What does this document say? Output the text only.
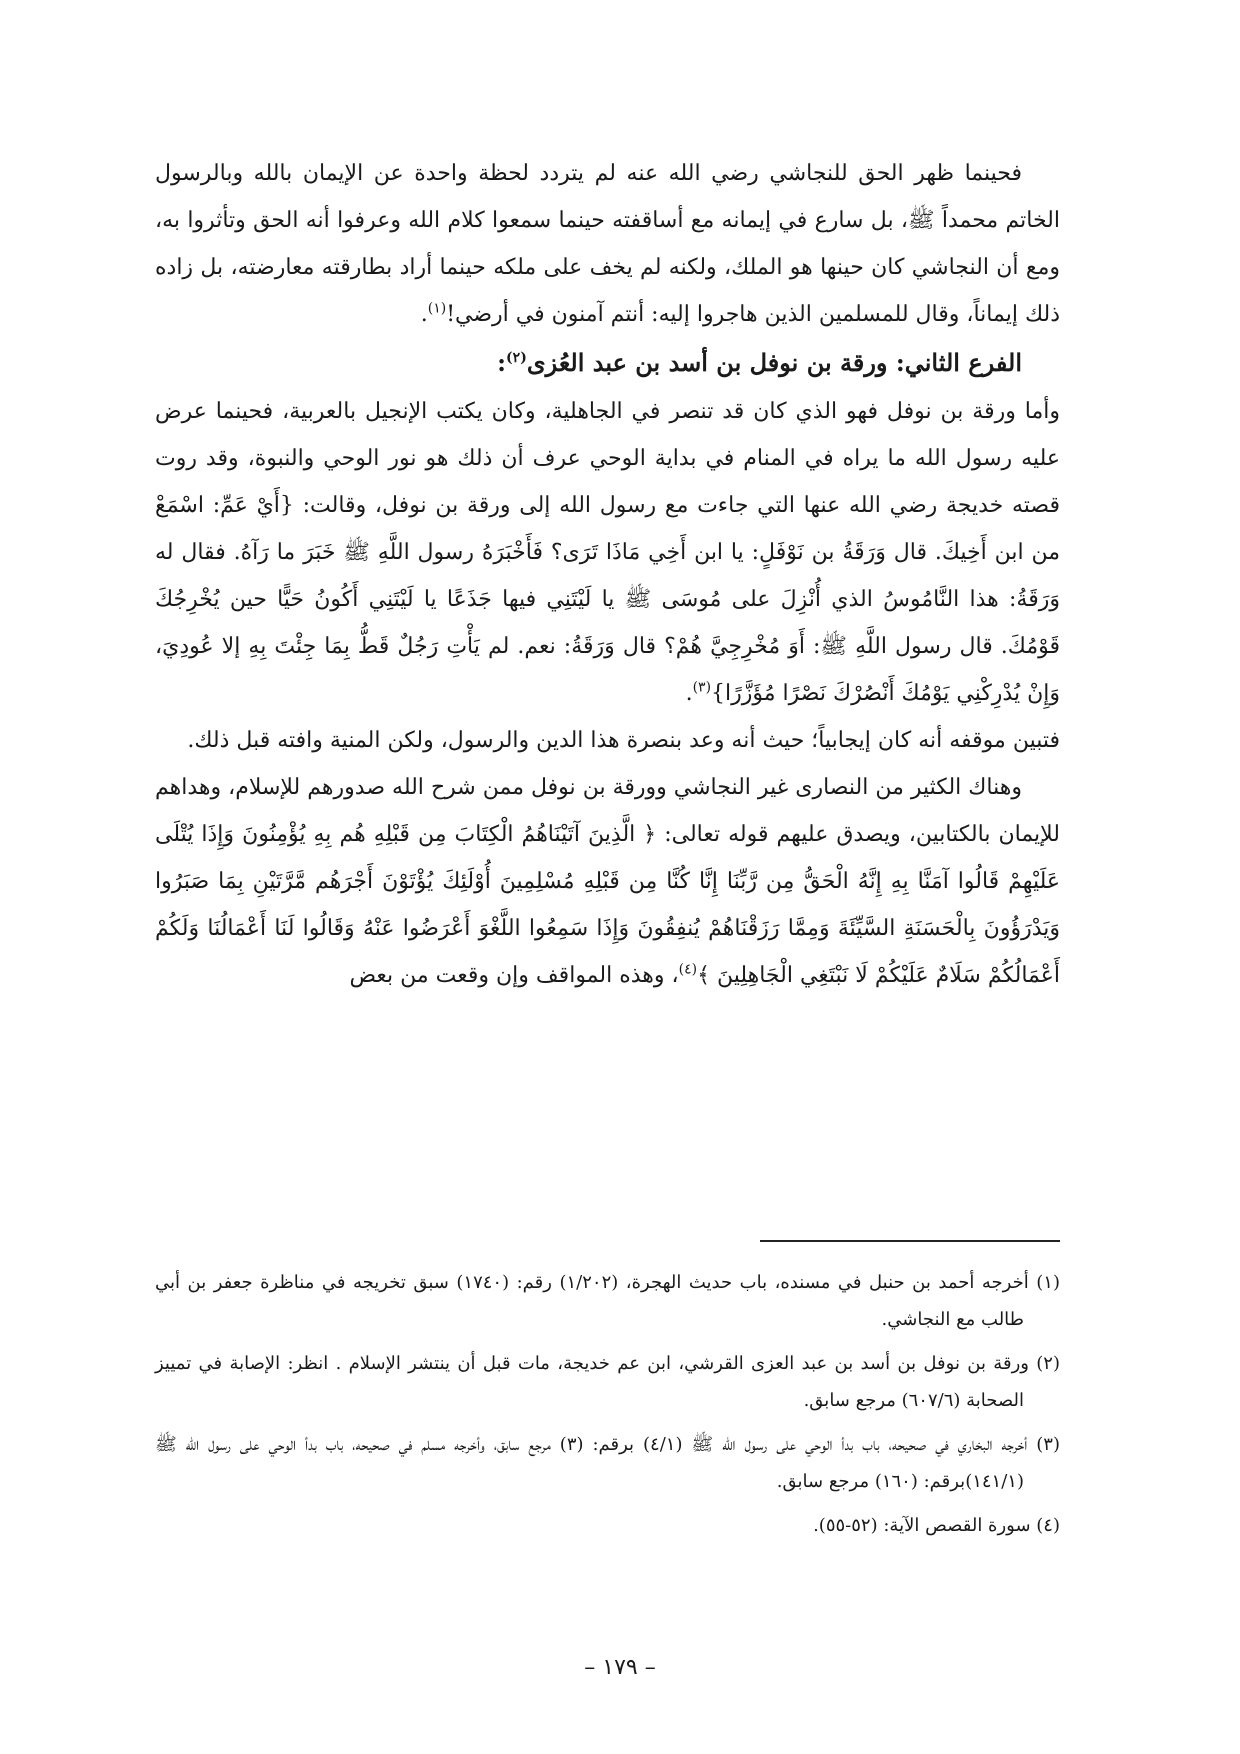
فحينما ظهر الحق للنجاشي رضي الله عنه لم يتردد لحظة واحدة عن الإيمان بالله وبالرسول الخاتم محمداً ﷺ، بل سارع في إيمانه مع أساقفته حينما سمعوا كلام الله وعرفوا أنه الحق وتأثروا به، ومع أن النجاشي كان حينها هو الملك، ولكنه لم يخف على ملكه حينما أراد بطارقته معارضته، بل زاده ذلك إيماناً، وقال للمسلمين الذين هاجروا إليه: أنتم آمنون في أرضي!$^{(١)}$.

الفرع الثاني: ورقة بن نوفل بن أسد بن عبد العُزى$^{(٢)}$:

وأما ورقة بن نوفل فهو الذي كان قد تنصر في الجاهلية، وكان يكتب الإنجيل بالعربية، فحينما عرض عليه رسول الله ما يراه في المنام في بداية الوحي عرف أن ذلك هو نور الوحي والنبوة، وقد روت قصته خديجة رضي الله عنها التي جاءت مع رسول الله إلى ورقة بن نوفل، وقالت: {أَيْ عَمِّ: اسْمَعْ من ابن أَخِيكَ. قال وَرَقَةُ بن نَوْفَلٍ: يا ابن أَخِي مَاذَا تَرَى؟ فَأَخْبَرَهُ رسول اللَّهِ ﷺ خَبَرَ ما رَآهُ. فقال له وَرَقَةُ: هذا النَّامُوسُ الذي أُنْزِلَ على مُوسَى ﷺ يا لَيْتَنِي فيها جَذَعًا يا لَيْتَنِي أَكُونُ حَيًّا حين يُخْرِجُكَ قَوْمُكَ. قال رسول اللَّهِ ﷺ: أَوَ مُخْرِجِيَّ هُمْ؟ قال وَرَقَةُ: نعم. لم يَأْتِ رَجُلٌ قَطُّ بِمَا جِئْتَ بِهِ إلا عُودِيَ، وَإِنْ يُدْرِكْنِي يَوْمُكَ أَنْصُرْكَ نَصْرًا مُؤَزَّرًا}$^{(٣)}$.

فتبين موقفه أنه كان إيجابياً؛ حيث أنه وعد بنصرة هذا الدين والرسول، ولكن المنية وافته قبل ذلك.

وهناك الكثير من النصارى غير النجاشي وورقة بن نوفل ممن شرح الله صدورهم للإسلام، وهداهم للإيمان بالكتابين، ويصدق عليهم قوله تعالى: ﴿ الَّذِينَ آتَيْنَاهُمُ الْكِتَابَ مِن قَبْلِهِ هُم بِهِ يُؤْمِنُونَ وَإِذَا يُتْلَى عَلَيْهِمْ قَالُوا آمَنَّا بِهِ إِنَّهُ الْحَقُّ مِن رَّبِّنَا إِنَّا كُنَّا مِن قَبْلِهِ مُسْلِمِينَ أُوْلَئِكَ يُؤْتَوْنَ أَجْرَهُم مَّرَّتَيْنِ بِمَا صَبَرُوا وَيَدْرَؤُونَ بِالْحَسَنَةِ السَّيِّئَةَ وَمِمَّا رَزَقْنَاهُمْ يُنفِقُونَ وَإِذَا سَمِعُوا اللَّغْوَ أَعْرَضُوا عَنْهُ وَقَالُوا لَنَا أَعْمَالُنَا وَلَكُمْ أَعْمَالُكُمْ سَلَامٌ عَلَيْكُمْ لَا نَبْتَغِي الْجَاهِلِينَ ﴾$^{(٤)}$، وهذه المواقف وإن وقعت من بعض

(١) أخرجه أحمد بن حنبل في مسنده، باب حديث الهجرة، (١/٢٠٢) رقم: (١٧٤٠) سبق تخريجه في مناظرة جعفر بن أبي طالب مع النجاشي.

(٢) ورقة بن نوفل بن أسد بن عبد العزى القرشي، ابن عم خديجة، مات قبل أن ينتشر الإسلام . انظر: الإصابة في تمييز الصحابة (٦٠٧/٦) مرجع سابق.

(٣) أخرجه البخاري في صحيحه، باب بدأ الوحي على رسول الله ﷺ (٤/١) برقم: (٣) مرجع سابق، وأخرجه مسلم في صحيحه، باب بدأ الوحي على رسول الله ﷺ (١٤١/١)برقم: (١٦٠) مرجع سابق.

(٤) سورة القصص الآية: (٥٢-٥٥).

– ١٧٩ –
